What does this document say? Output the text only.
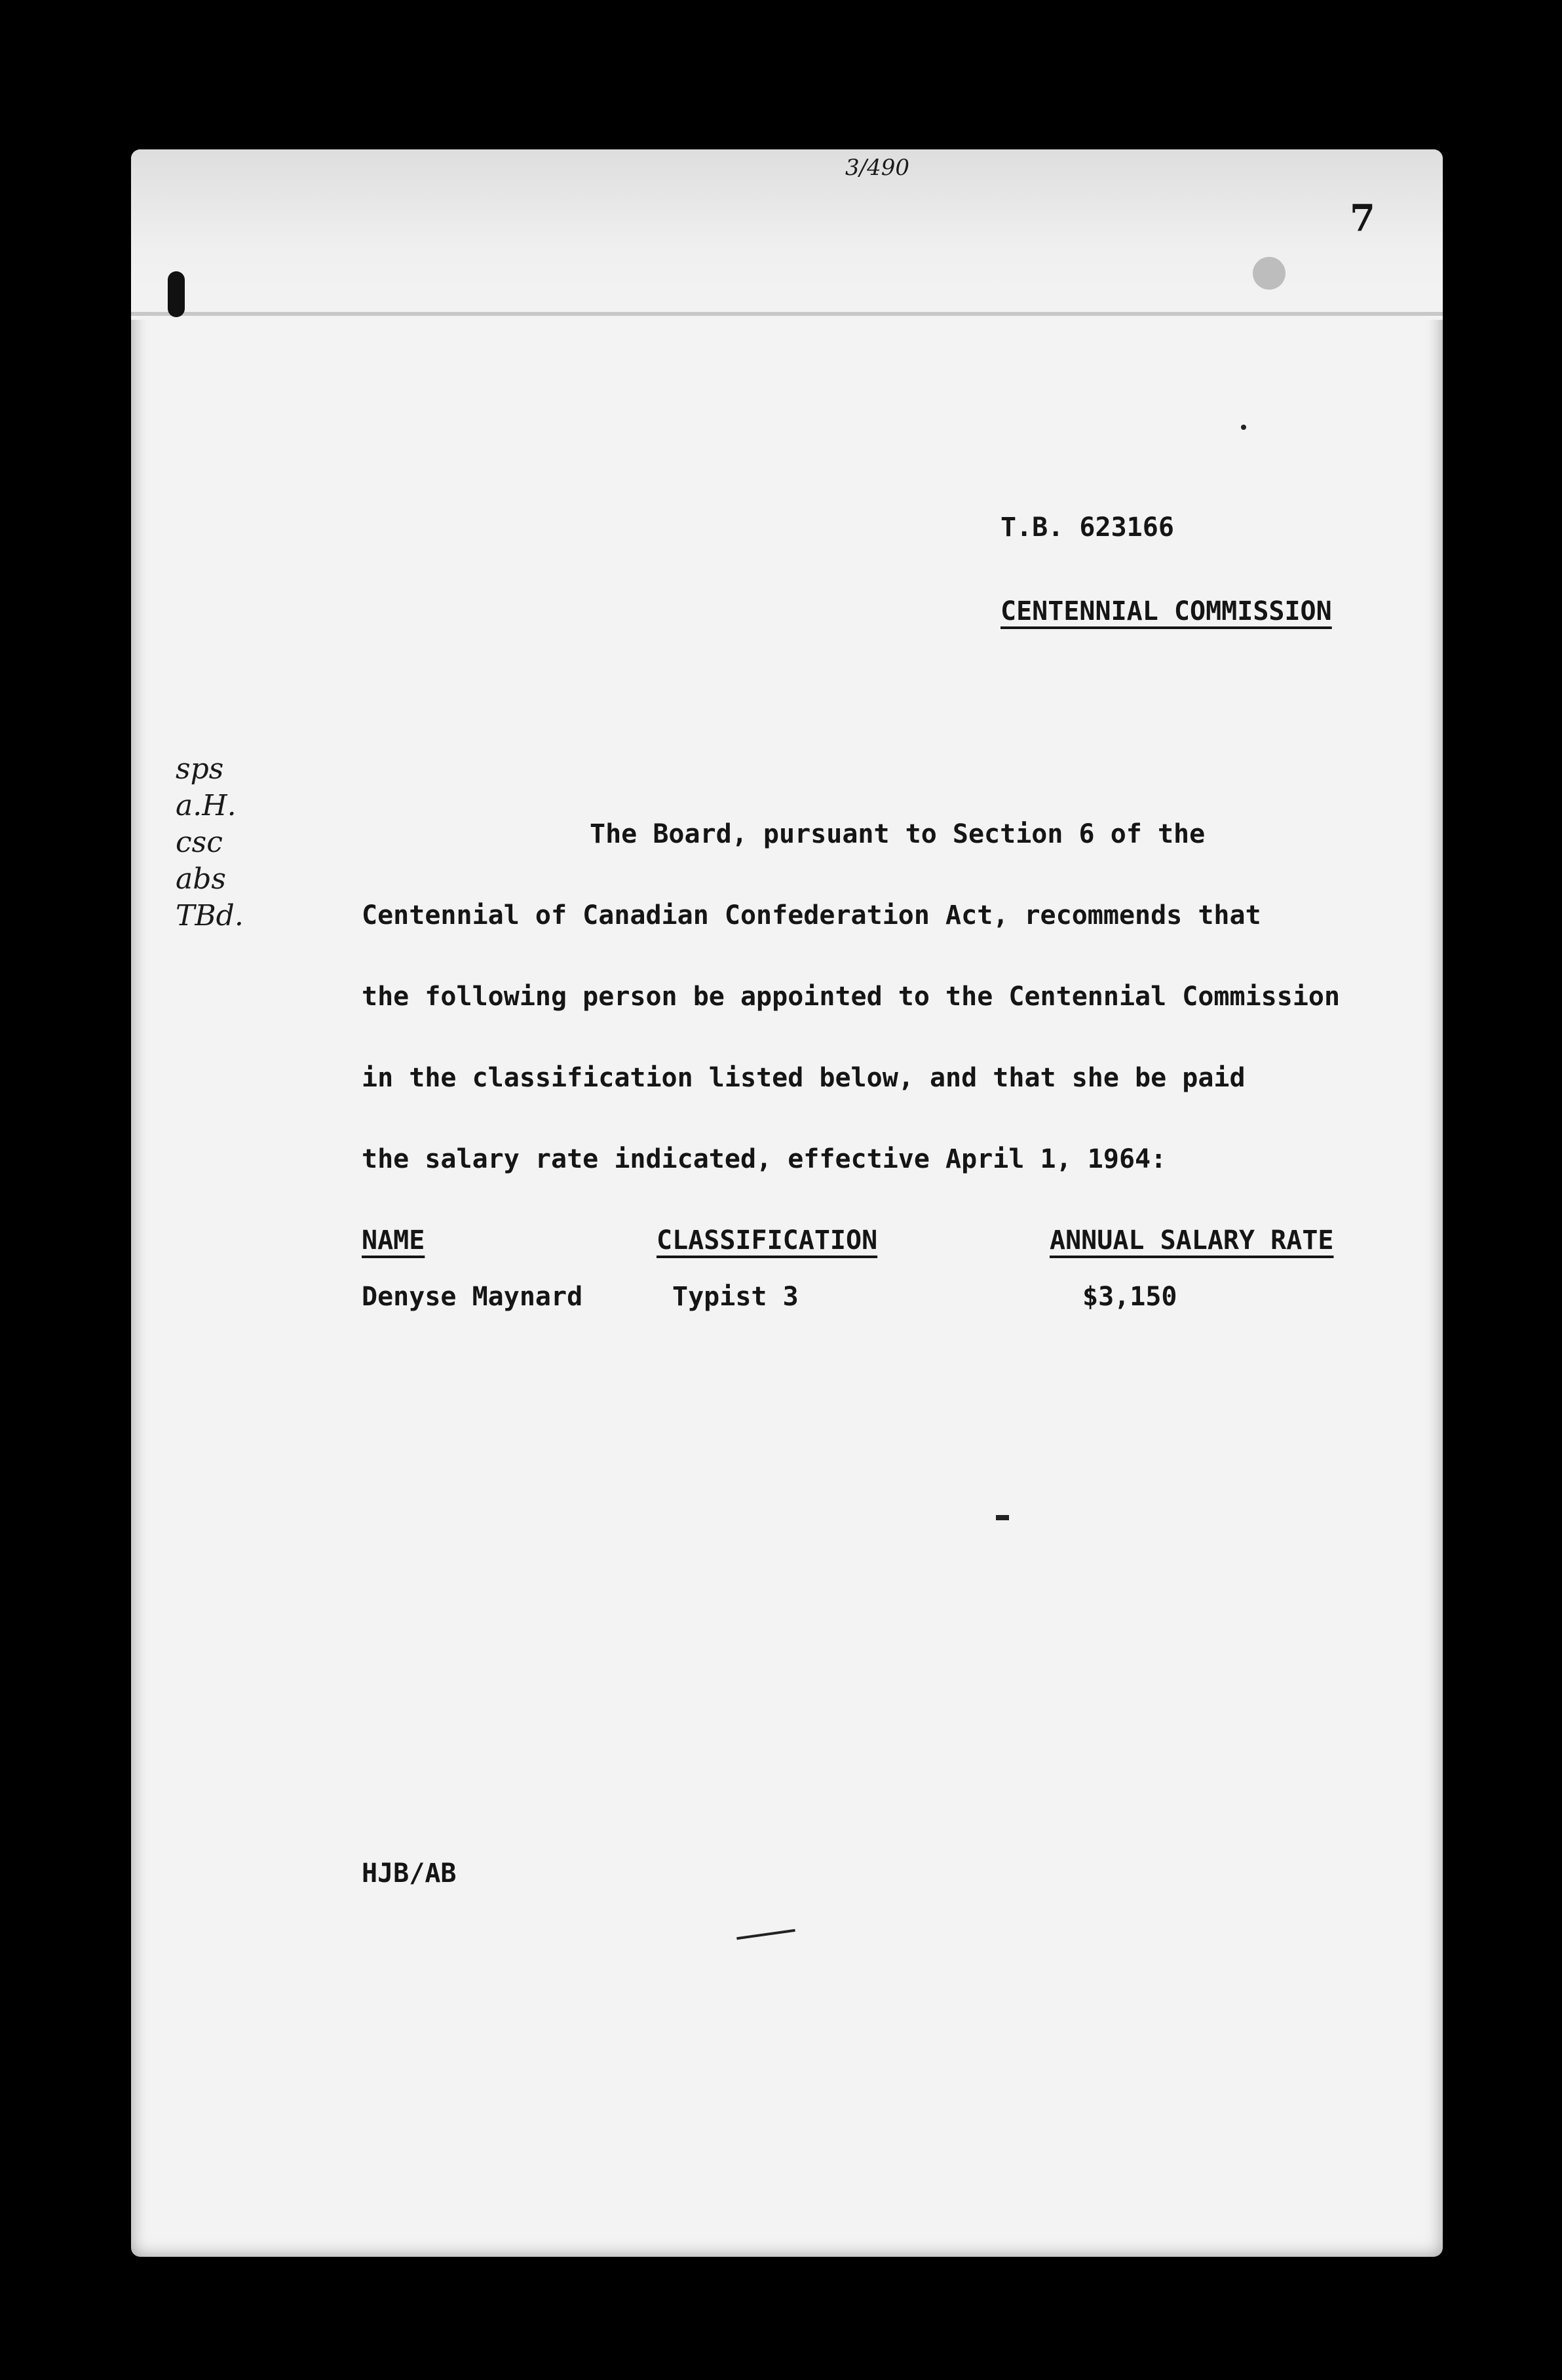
3/490
7
T.B. 623166
CENTENNIAL COMMISSION
sps
a.H.
csc
abs
TBd.
The Board, pursuant to Section 6 of the
Centennial of Canadian Confederation Act, recommends that
the following person be appointed to the Centennial Commission
in the classification listed below, and that she be paid
the salary rate indicated, effective April 1, 1964:
NAME	CLASSIFICATION	ANNUAL SALARY RATE
Denyse Maynard	Typist 3	$3,150
HJB/AB
